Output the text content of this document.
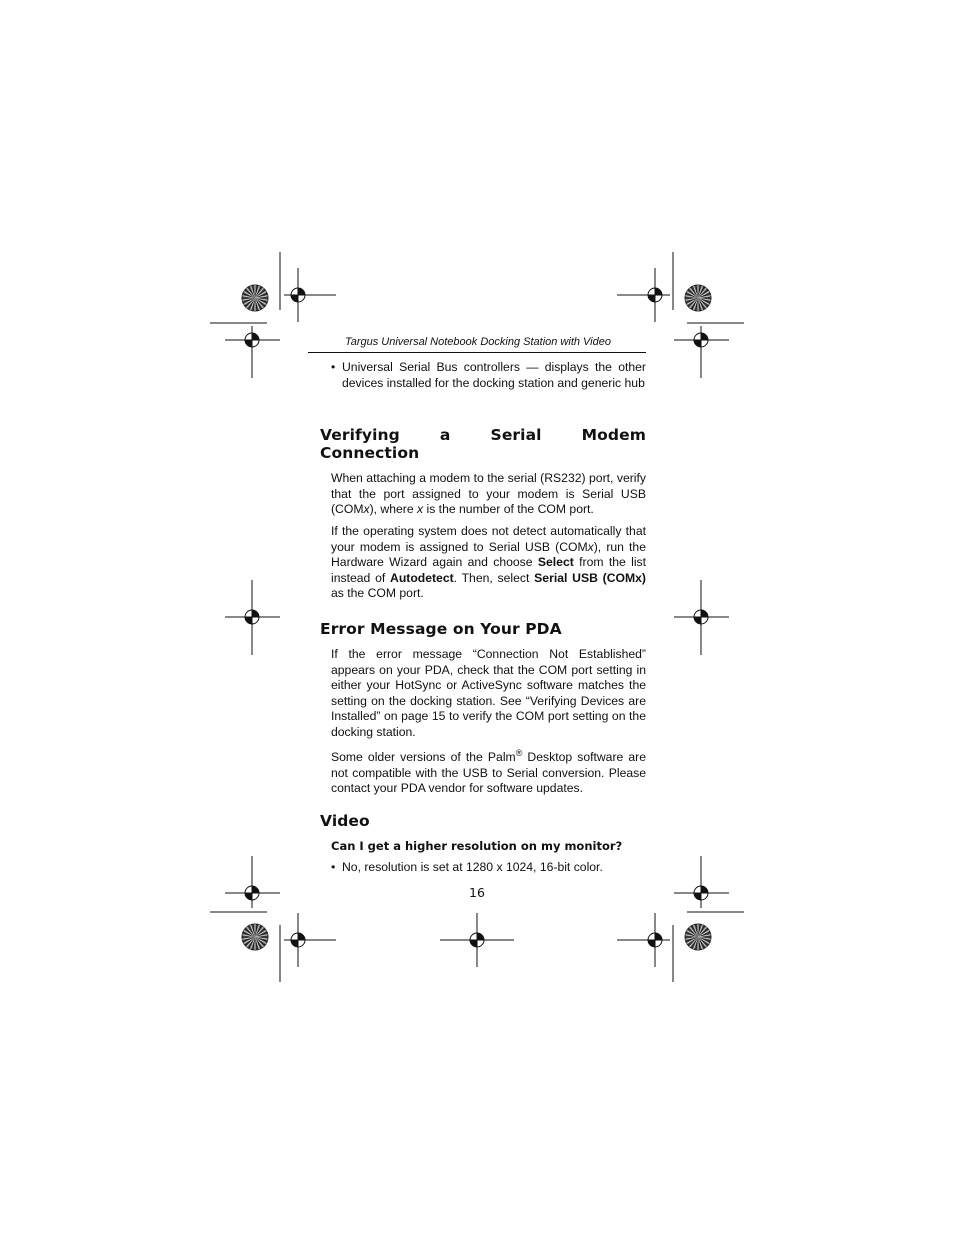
Targus Universal Notebook Docking Station with Video
• Universal Serial Bus controllers — displays the other devices installed for the docking station and generic hub
Verifying a Serial Modem
Connection

When attaching a modem to the serial (RS232) port, verify that the port assigned to your modem is Serial USB (COMx), where x is the number of the COM port.

If the operating system does not detect automatically that your modem is assigned to Serial USB (COMx), run the Hardware Wizard again and choose Select from the list instead of Autodetect. Then, select Serial USB (COMx) as the COM port.

Error Message on Your PDA

If the error message “Connection Not Established” appears on your PDA, check that the COM port setting in either your HotSync or ActiveSync software matches the setting on the docking station. See “Verifying Devices are Installed” on page 15 to verify the COM port setting on the docking station.

Some older versions of the Palm® Desktop software are not compatible with the USB to Serial conversion. Please contact your PDA vendor for software updates.

Video
Can I get a higher resolution on my monitor?
• No, resolution is set at 1280 x 1024, 16-bit color.
16
